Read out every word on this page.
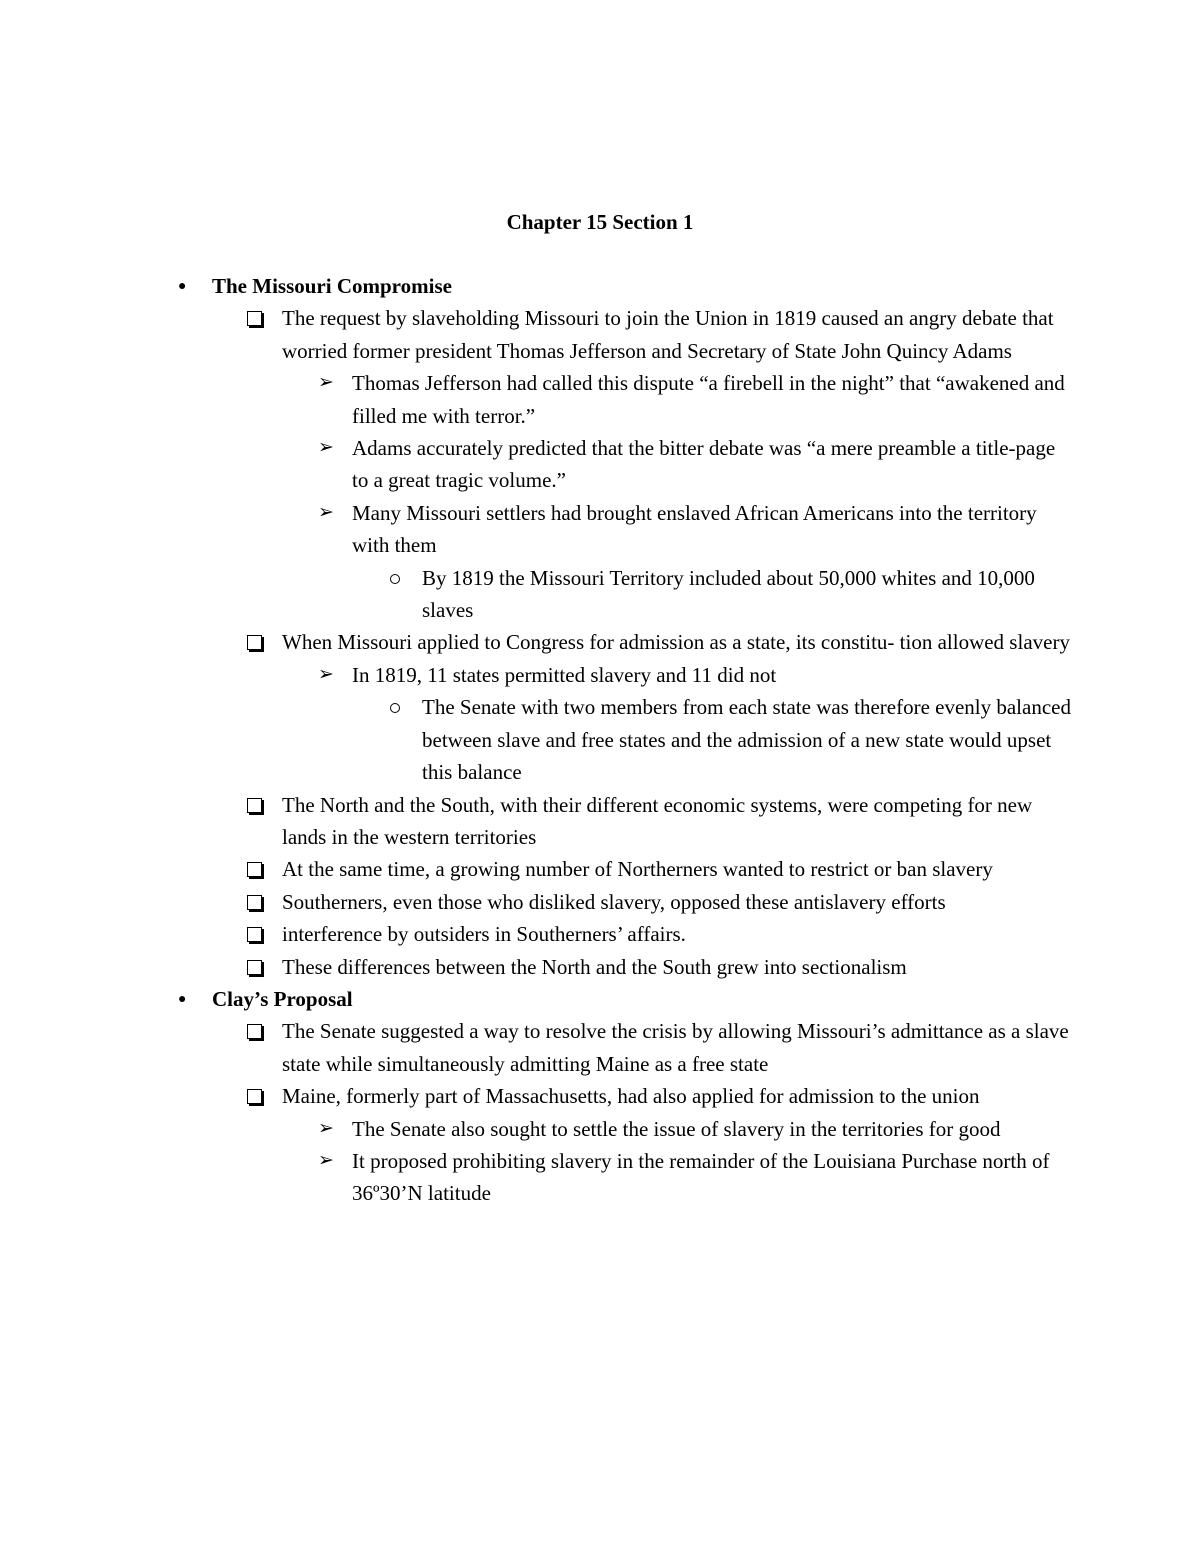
Chapter 15 Section 1
● The Missouri Compromise
The request by slaveholding Missouri to join the Union in 1819 caused an angry debate that worried former president Thomas Jefferson and Secretary of State John Quincy Adams
➢ Thomas Jefferson had called this dispute “a firebell in the night” that “awakened and filled me with terror.”
➢ Adams accurately predicted that the bitter debate was “a mere preamble a title-page to a great tragic volume.”
➢ Many Missouri settlers had brought enslaved African Americans into the territory with them
By 1819 the Missouri Territory included about 50,000 whites and 10,000 slaves
When Missouri applied to Congress for admission as a state, its constitu- tion allowed slavery
➢ In 1819, 11 states permitted slavery and 11 did not
The Senate with two members from each state was therefore evenly balanced between slave and free states and the admission of a new state would upset this balance
The North and the South, with their different economic systems, were competing for new lands in the western territories
At the same time, a growing number of Northerners wanted to restrict or ban slavery
Southerners, even those who disliked slavery, opposed these antislavery efforts
interference by outsiders in Southerners’ affairs.
These differences between the North and the South grew into sectionalism
● Clay’s Proposal
The Senate suggested a way to resolve the crisis by allowing Missouri’s admittance as a slave state while simultaneously admitting Maine as a free state
Maine, formerly part of Massachusetts, had also applied for admission to the union
➢ The Senate also sought to settle the issue of slavery in the territories for good
➢ It proposed prohibiting slavery in the remainder of the Louisiana Purchase north of 36º30’N latitude
